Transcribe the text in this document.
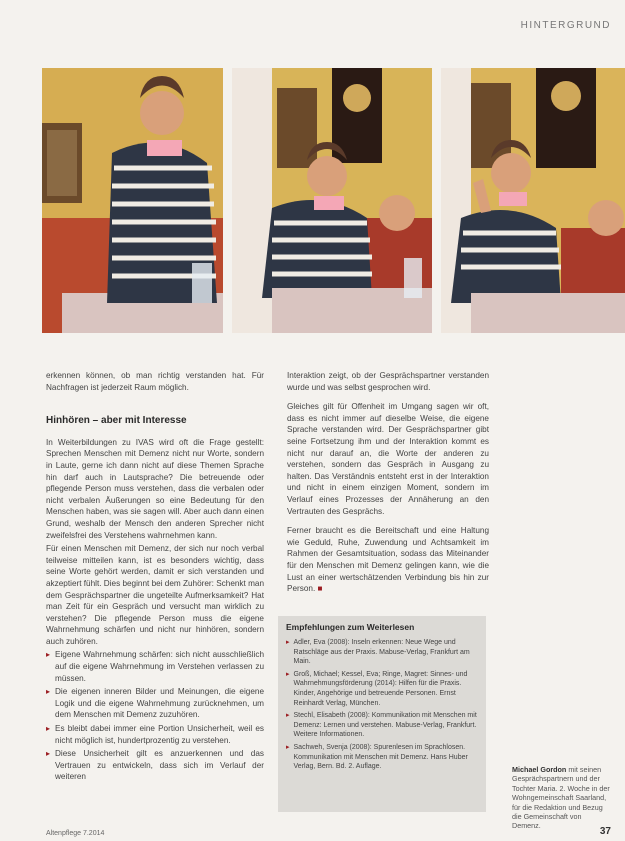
HINTERGRUND

erkennen können, ob man richtig verstanden hat. Für Nachfragen ist jederzeit Raum möglich.

Hinhören – aber mit Interesse

In Weiterbildungen zu IVAS wird oft die Frage gestellt: Sprechen Menschen mit Demenz nicht nur Worte, sondern in Laute, gerne ich dann nicht auf diese Themen Sprache hin darf auch in Lautsprache? Die betreuende oder pflegende Person muss verstehen, dass die verbalen oder nicht verbalen Äußerungen so eine Bedeutung für den Menschen haben, was sie sagen will. Aber auch dann einen Grund, weshalb der Mensch den anderen Sprecher nicht zweifelsfrei des Verstehens wahrnehmen kann.

Für einen Menschen mit Demenz, der sich nur noch verbal teilweise mitteilen kann, ist es besonders wichtig, dass seine Worte gehört werden, damit er sich verstanden und akzeptiert fühlt. Dies beginnt bei dem Zuhörer: Schenkt man dem Gesprächspartner die ungeteilte Aufmerksamkeit? Hat man Zeit für ein Gespräch und versucht man wirklich zu verstehen? Die pflegende Person muss die eigene Wahrnehmung schärfen und nicht nur hinhören, sondern auch zuhören.

▸ Eigene Wahrnehmung schärfen: sich nicht ausschließlich auf die eigene Wahrnehmung im Verstehen verlassen zu müssen.
▸ Die eigenen inneren Bilder und Meinungen, die eigene Logik und die eigene Wahrnehmung zurücknehmen, um dem Menschen mit Demenz zuzuhören.
▸ Es bleibt dabei immer eine Portion Unsicherheit, weil es nicht möglich ist, hundertprozentig zu verstehen.
▸ Diese Unsicherheit gilt es anzuerkennen und das Vertrauen zu entwickeln, dass sich im Verlauf der weiteren

Interaktion zeigt, ob der Gesprächspartner verstanden wurde und was selbst gesprochen wird.

Gleiches gilt für Offenheit im Umgang sagen wir oft, dass es nicht immer auf dieselbe Weise, die eigene Sprache verstanden wird. Der Gesprächspartner gibt seine Fortsetzung ihm und der Interaktion kommt es nicht nur darauf an, die Worte der anderen zu verstehen, sondern das Gespräch in Ausgang zu halten. Das Verständnis entsteht erst in der Interaktion und nicht in einem einzigen Moment, sondern im Verlauf eines Prozesses der Annäherung an den Vertrauten des Gesprächs.

Ferner braucht es die Bereitschaft und eine Haltung wie Geduld, Ruhe, Zuwendung und Achtsamkeit im Rahmen der Gesamtsituation, sodass das Miteinander für den Menschen mit Demenz gelingen kann, wie die Lust an einer wertschätzenden Verbindung bis hin zur Person. ■

Empfehlungen zum Weiterlesen
▸ Adler, Eva (2008): Inseln erkennen: Neue Wege und Ratschläge aus der Praxis. Mabuse-Verlag, Frankfurt am Main.
▸ Groß, Michael; Kessel, Eva; Ringe, Magret: Sinnes- und Wahrnehmungsförderung (2014): Hilfen für die Praxis. Kinder, Angehörige und betreuende Personen. Ernst Reinhardt Verlag, München.
▸ Stechl, Elisabeth (2008): Kommunikation mit Menschen mit Demenz: Lernen und verstehen. Mabuse-Verlag, Frankfurt. Weitere Informationen.
▸ Sachweh, Svenja (2008): Spurenlesen im Sprachlosen. Kommunikation mit Menschen mit Demenz. Hans Huber Verlag, Bern. Bd. 2. Auflage.	Michael Gordon mit seinen Gesprächspartnern und der Tochter Maria. 2. Woche in der Wohngemeinschaft Saarland, für die Redaktion und Bezug die Gemeinschaft von Demenz.
Altenpflege 7.2014	37
